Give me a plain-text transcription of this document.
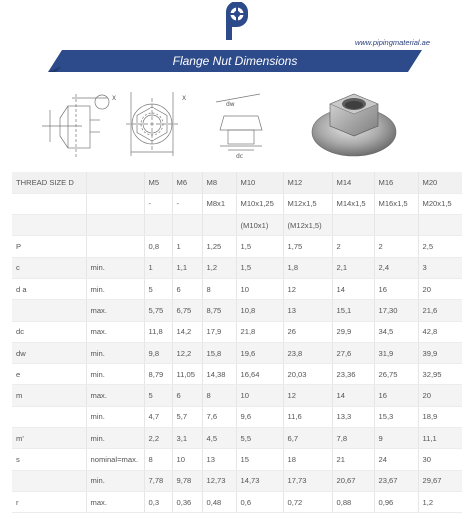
www.pipingmaterial.ae
Flange Nut Dimensions
X	X
dw
dc
THREAD SIZE D		M5	M6	M8	M10	M12	M14	M16	M20
		-	-	M8x1	M10x1,25	M12x1,5	M14x1,5	M16x1,5	M20x1,5
					(M10x1)	(M12x1,5)			
P		0,8	1	1,25	1,5	1,75	2	2	2,5
c	min.	1	1,1	1,2	1,5	1,8	2,1	2,4	3
d a	min.	5	6	8	10	12	14	16	20
	max.	5,75	6,75	8,75	10,8	13	15,1	17,30	21,6
dc	max.	11,8	14,2	17,9	21,8	26	29,9	34,5	42,8
dw	min.	9,8	12,2	15,8	19,6	23,8	27,6	31,9	39,9
e	min.	8,79	11,05	14,38	16,64	20,03	23,36	26,75	32,95
m	max.	5	6	8	10	12	14	16	20
	min.	4,7	5,7	7,6	9,6	11,6	13,3	15,3	18,9
m'	min.	2,2	3,1	4,5	5,5	6,7	7,8	9	11,1
s	nominal=max.	8	10	13	15	18	21	24	30
	min.	7,78	9,78	12,73	14,73	17,73	20,67	23,67	29,67
r	max.	0,3	0,36	0,48	0,6	0,72	0,88	0,96	1,2
